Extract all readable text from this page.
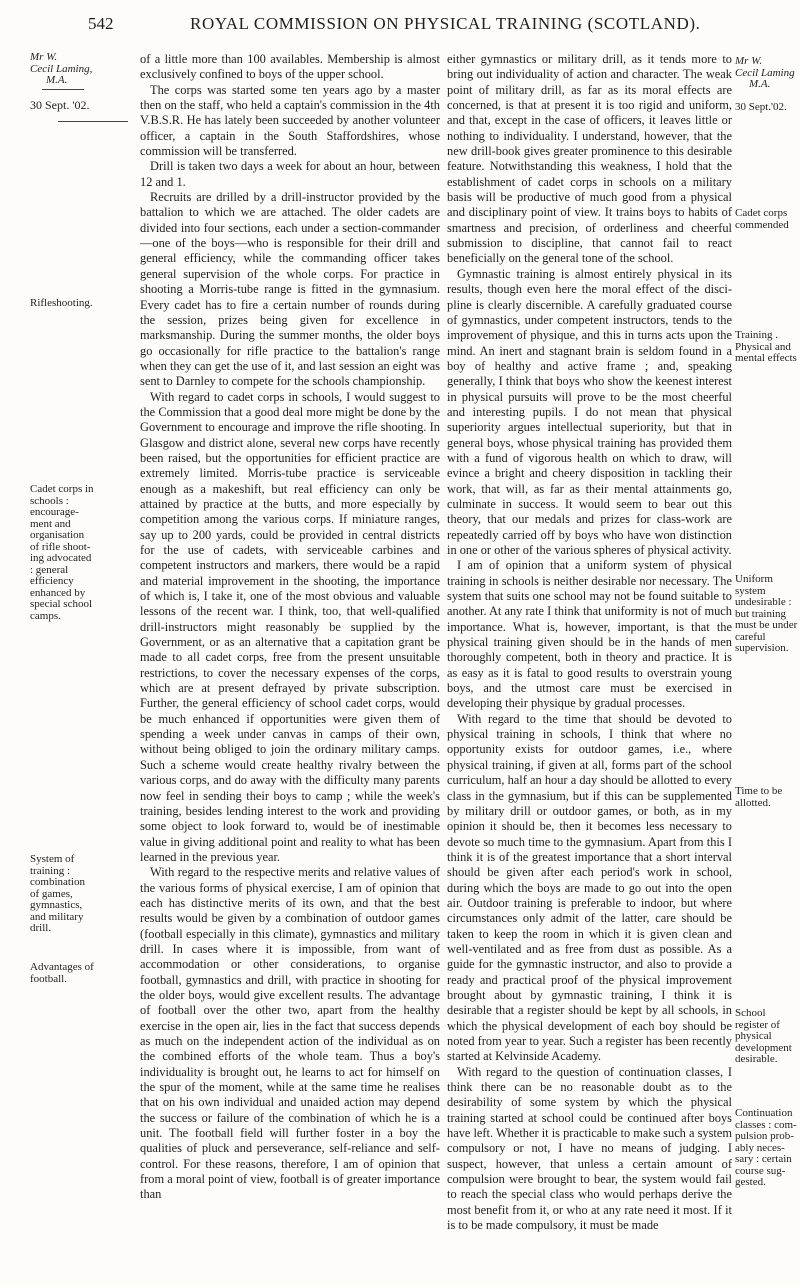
542	ROYAL COMMISSION ON PHYSICAL TRAINING (SCOTLAND).
Mr W.
Cecil Laming,
M.A.
30 Sept. '02.
Rifleshooting.
Cadet corps in schools : encouragement and organisation of rifle shooting advocated : general efficiency enhanced by special school camps.
System of training : combination of games, gymnastics, and military drill.
Advantages of football.
Mr W.
Cecil Laming
M.A.
30 Sept.'02.
Cadet corps commended
Training . Physical and mental effects
Uniform system undesirable : but training must be under careful supervision.
Time to be allotted.
School register of physical development desirable.
Continuation classes : compulsion probably necessary : certain course suggested.

of a little more than 100 availables. Membership is almost exclusively confined to boys of the upper school.

The corps was started some ten years ago by a master then on the staff, who held a captain's commission in the 4th V.B.S.R. He has lately been succeeded by another volunteer officer, a captain in the South Staffordshires, whose commission will be transferred.

Drill is taken two days a week for about an hour, between 12 and 1.

Recruits are drilled by a drill-instructor provided by the battalion to which we are attached. The older cadets are divided into four sections, each under a section-commander—one of the boys—who is responsible for their drill and general efficiency, while the commanding officer takes general supervision of the whole corps. For practice in shooting a Morris-tube range is fitted in the gymnasium. Every cadet has to fire a certain number of rounds during the session, prizes being given for excellence in marksmanship. During the summer months, the older boys go occasionally for rifle practice to the battalion's range when they can get the use of it, and last session an eight was sent to Darnley to compete for the schools championship.

With regard to cadet corps in schools, I would suggest to the Commission that a good deal more might be done by the Government to encourage and improve the rifle shooting. In Glasgow and district alone, several new corps have recently been raised, but the opportunities for efficient practice are extremely limited. Morris-tube practice is serviceable enough as a makeshift, but real efficiency can only be attained by practice at the butts, and more especially by competition among the various corps. If miniature ranges, say up to 200 yards, could be provided in central districts for the use of cadets, with serviceable carbines and competent instructors and markers, there would be a rapid and material improvement in the shooting, the importance of which is, I take it, one of the most obvious and valuable lessons of the recent war. I think, too, that well-qualified drill-instructors might reasonably be supplied by the Government, or as an alternative that a capitation grant be made to all cadet corps, free from the present unsuitable restrictions, to cover the necessary expenses of the corps, which are at present defrayed by private subscription. Further, the general efficiency of school cadet corps, would be much enhanced if opportunities were given them of spending a week under canvas in camps of their own, without being obliged to join the ordinary military camps. Such a scheme would create healthy rivalry between the various corps, and do away with the difficulty many parents now feel in sending their boys to camp ; while the week's training, besides lending interest to the work and providing some object to look forward to, would be of inestimable value in giving additional point and reality to what has been learned in the previous year.

With regard to the respective merits and relative values of the various forms of physical exercise, I am of opinion that each has distinctive merits of its own, and that the best results would be given by a combination of outdoor games (football especially in this climate), gymnastics and military drill. In cases where it is impossible, from want of accommodation or other considerations, to organise football, gymnastics and drill, with practice in shooting for the older boys, would give excellent results. The advantage of football over the other two, apart from the healthy exercise in the open air, lies in the fact that success depends as much on the independent action of the individual as on the combined efforts of the whole team. Thus a boy's individuality is brought out, he learns to act for himself on the spur of the moment, while at the same time he realises that on his own individual and unaided action may depend the success or failure of the combination of which he is a unit. The football field will further foster in a boy the qualities of pluck and perseverance, self-reliance and self-control. For these reasons, therefore, I am of opinion that from a moral point of view, football is of greater importance than

either gymnastics or military drill, as it tends more to bring out individuality of action and character. The weak point of military drill, as far as its moral effects are concerned, is that at present it is too rigid and uniform, and that, except in the case of officers, it leaves little or nothing to individuality. I understand, however, that the new drill-book gives greater prominence to this desirable feature. Notwithstanding this weakness, I hold that the establishment of cadet corps in schools on a military basis will be productive of much good from a physical and disciplinary point of view. It trains boys to habits of smartness and precision, of orderliness and cheerful submission to discipline, that cannot fail to react beneficially on the general tone of the school.

Gymnastic training is almost entirely physical in its results, though even here the moral effect of the discipline is clearly discernible. A carefully graduated course of gymnastics, under competent instructors, tends to the improvement of physique, and this in turns acts upon the mind. An inert and stagnant brain is seldom found in a boy of healthy and active frame ; and, speaking generally, I think that boys who show the keenest interest in physical pursuits will prove to be the most cheerful and interesting pupils. I do not mean that physical superiority argues intellectual superiority, but that in general boys, whose physical training has provided them with a fund of vigorous health on which to draw, will evince a bright and cheery disposition in tackling their work, that will, as far as their mental attainments go, culminate in success. It would seem to bear out this theory, that our medals and prizes for class-work are repeatedly carried off by boys who have won distinction in one or other of the various spheres of physical activity.

I am of opinion that a uniform system of physical training in schools is neither desirable nor necessary. The system that suits one school may not be found suitable to another. At any rate I think that uniformity is not of much importance. What is, however, important, is that the physical training given should be in the hands of men thoroughly competent, both in theory and practice. It is as easy as it is fatal to good results to overstrain young boys, and the utmost care must be exercised in developing their physique by gradual processes.

With regard to the time that should be devoted to physical training in schools, I think that where no opportunity exists for outdoor games, i.e., where physical training, if given at all, forms part of the school curriculum, half an hour a day should be allotted to every class in the gymnasium, but if this can be supplemented by military drill or outdoor games, or both, as in my opinion it should be, then it becomes less necessary to devote so much time to the gymnasium. Apart from this I think it is of the greatest importance that a short interval should be given after each period's work in school, during which the boys are made to go out into the open air. Outdoor training is preferable to indoor, but where circumstances only admit of the latter, care should be taken to keep the room in which it is given clean and well-ventilated and as free from dust as possible. As a guide for the gymnastic instructor, and also to provide a ready and practical proof of the physical improvement brought about by gymnastic training, I think it is desirable that a register should be kept by all schools, in which the physical development of each boy should be noted from year to year. Such a register has been recently started at Kelvinside Academy.

With regard to the question of continuation classes, I think there can be no reasonable doubt as to the desirability of some system by which the physical training started at school could be continued after boys have left. Whether it is practicable to make such a system compulsory or not, I have no means of judging. I suspect, however, that unless a certain amount of compulsion were brought to bear, the system would fail to reach the special class who would perhaps derive the most benefit from it, or who at any rate need it most. If it is to be made compulsory, it must be made
